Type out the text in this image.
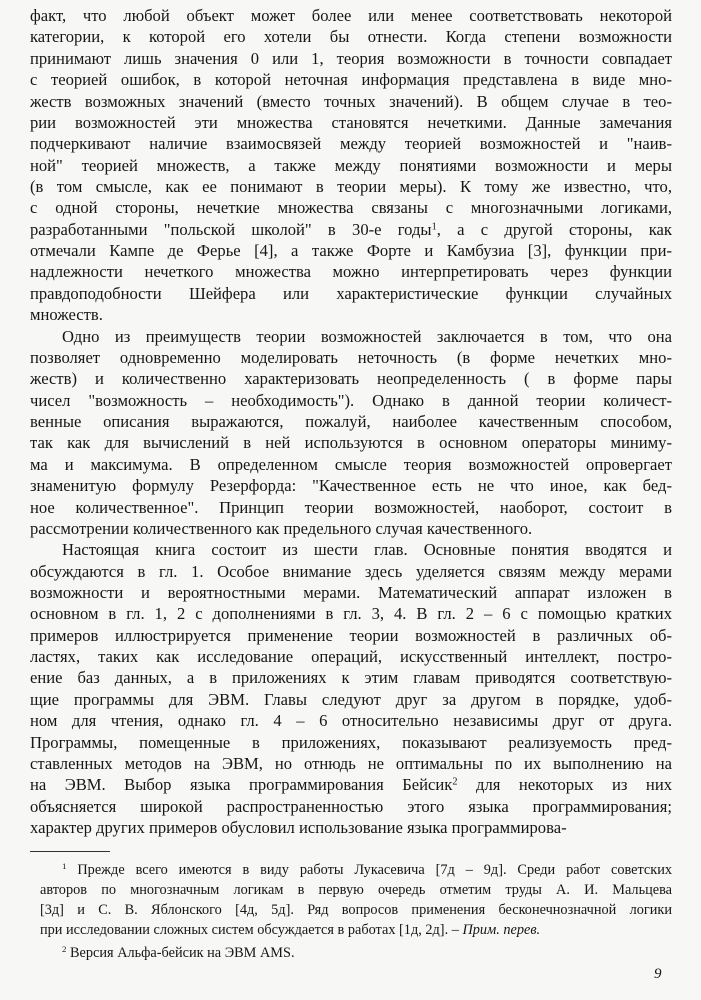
факт, что любой объект может более или менее соответствовать некоторой
категории, к которой его хотели бы отнести. Когда степени возможности
принимают лишь значения 0 или 1, теория возможности в точности совпадает
с теорией ошибок, в которой неточная информация представлена в виде мно-
жеств возможных значений (вместо точных значений). В общем случае в тео-
рии возможностей эти множества становятся нечеткими. Данные замечания
подчеркивают наличие взаимосвязей между теорией возможностей и "наив-
ной" теорией множеств, а также между понятиями возможности и меры
(в том смысле, как ее понимают в теории меры). К тому же известно, что,
с одной стороны, нечеткие множества связаны с многозначными логиками,
разработанными "польской школой" в 30-е годы$^1$, а с другой стороны, как
отмечали Кампе де Ферье [4], а также Форте и Камбузиа [3], функции при-
надлежности нечеткого множества можно интерпретировать через функции
правдоподобности Шейфера или характеристические функции случайных
множеств.
Одно из преимуществ теории возможностей заключается в том, что она
позволяет одновременно моделировать неточность (в форме нечетких мно-
жеств) и количественно характеризовать неопределенность ( в форме пары
чисел "возможность – необходимость"). Однако в данной теории количест-
венные описания выражаются, пожалуй, наиболее качественным способом,
так как для вычислений в ней используются в основном операторы миниму-
ма и максимума. В определенном смысле теория возможностей опровергает
знаменитую формулу Резерфорда: "Качественное есть не что иное, как бед-
ное количественное". Принцип теории возможностей, наоборот, состоит в
рассмотрении количественного как предельного случая качественного.
Настоящая книга состоит из шести глав. Основные понятия вводятся и
обсуждаются в гл. 1. Особое внимание здесь уделяется связям между мерами
возможности и вероятностными мерами. Математический аппарат изложен в
основном в гл. 1, 2 с дополнениями в гл. 3, 4. В гл. 2 – 6 с помощью кратких
примеров иллюстрируется применение теории возможностей в различных об-
ластях, таких как исследование операций, искусственный интеллект, постро-
ение баз данных, а в приложениях к этим главам приводятся соответствую-
щие программы для ЭВМ. Главы следуют друг за другом в порядке, удоб-
ном для чтения, однако гл. 4 – 6 относительно независимы друг от друга.
Программы, помещенные в приложениях, показывают реализуемость пред-
ставленных методов на ЭВМ, но отнюдь не оптимальны по их выполнению на
на ЭВМ. Выбор языка программирования Бейсик$^2$ для некоторых из них
объясняется широкой распространенностью этого языка программирования;
характер других примеров обусловил использование языка программирова-
$^1$ Прежде всего имеются в виду работы Лукасевича [7д – 9д]. Среди работ советских
авторов по многозначным логикам в первую очередь отметим труды А. И. Мальцева
[3д] и С. В. Яблонского [4д, 5д]. Ряд вопросов применения бесконечнозначной логики
при исследовании сложных систем обсуждается в работах [1д, 2д]. – Прим. перев.
$^2$ Версия Альфа-бейсик на ЭВМ AMS.
9
